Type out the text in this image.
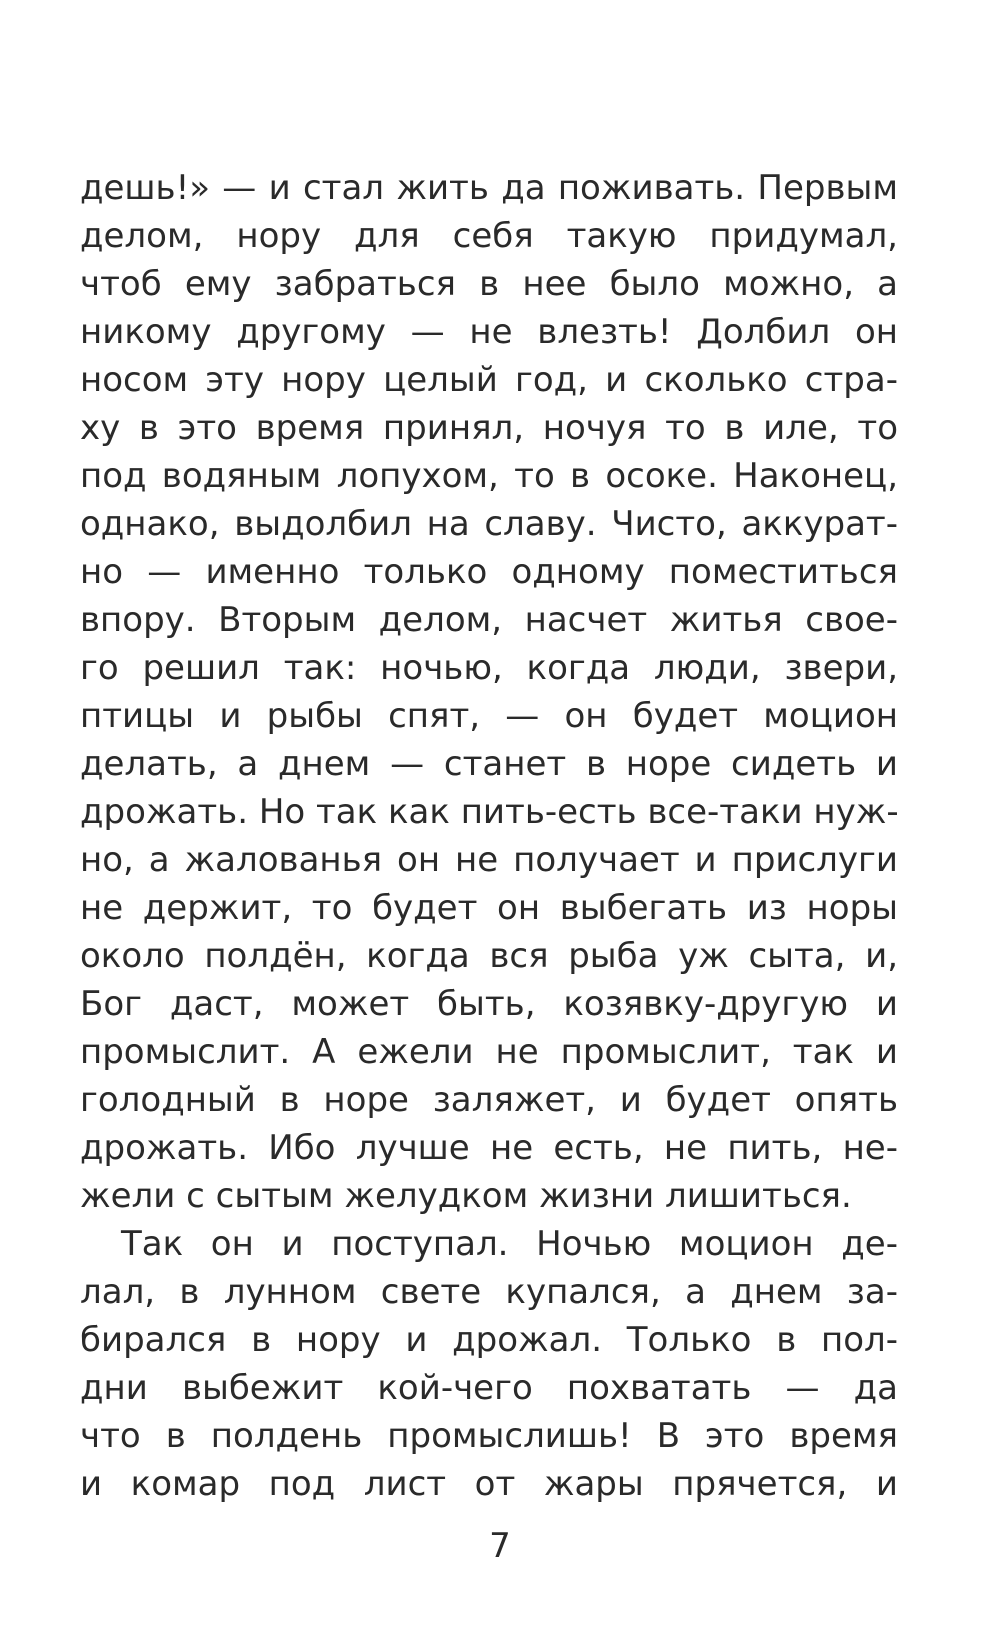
дешь!» — и стал жить да поживать. Первым
делом, нору для себя такую придумал,
чтоб ему забраться в нее было можно, а
никому другому — не влезть! Долбил он
носом эту нору целый год, и сколько стра-
ху в это время принял, ночуя то в иле, то
под водяным лопухом, то в осоке. Наконец,
однако, выдолбил на славу. Чисто, аккурат-
но — именно только одному поместиться
впору. Вторым делом, насчет житья свое-
го решил так: ночью, когда люди, звери,
птицы и рыбы спят, — он будет моцион
делать, а днем — станет в норе сидеть и
дрожать. Но так как пить-есть все-таки нуж-
но, а жалованья он не получает и прислуги
не держит, то будет он выбегать из норы
около полдён, когда вся рыба уж сыта, и,
Бог даст, может быть, козявку-другую и
промыслит. А ежели не промыслит, так и
голодный в норе заляжет, и будет опять
дрожать. Ибо лучше не есть, не пить, не-
жели с сытым желудком жизни лишиться.
Так он и поступал. Ночью моцион де-
лал, в лунном свете купался, а днем за-
бирался в нору и дрожал. Только в пол-
дни выбежит кой-чего похватать — да
что в полдень промыслишь! В это время
и комар под лист от жары прячется, и
7
